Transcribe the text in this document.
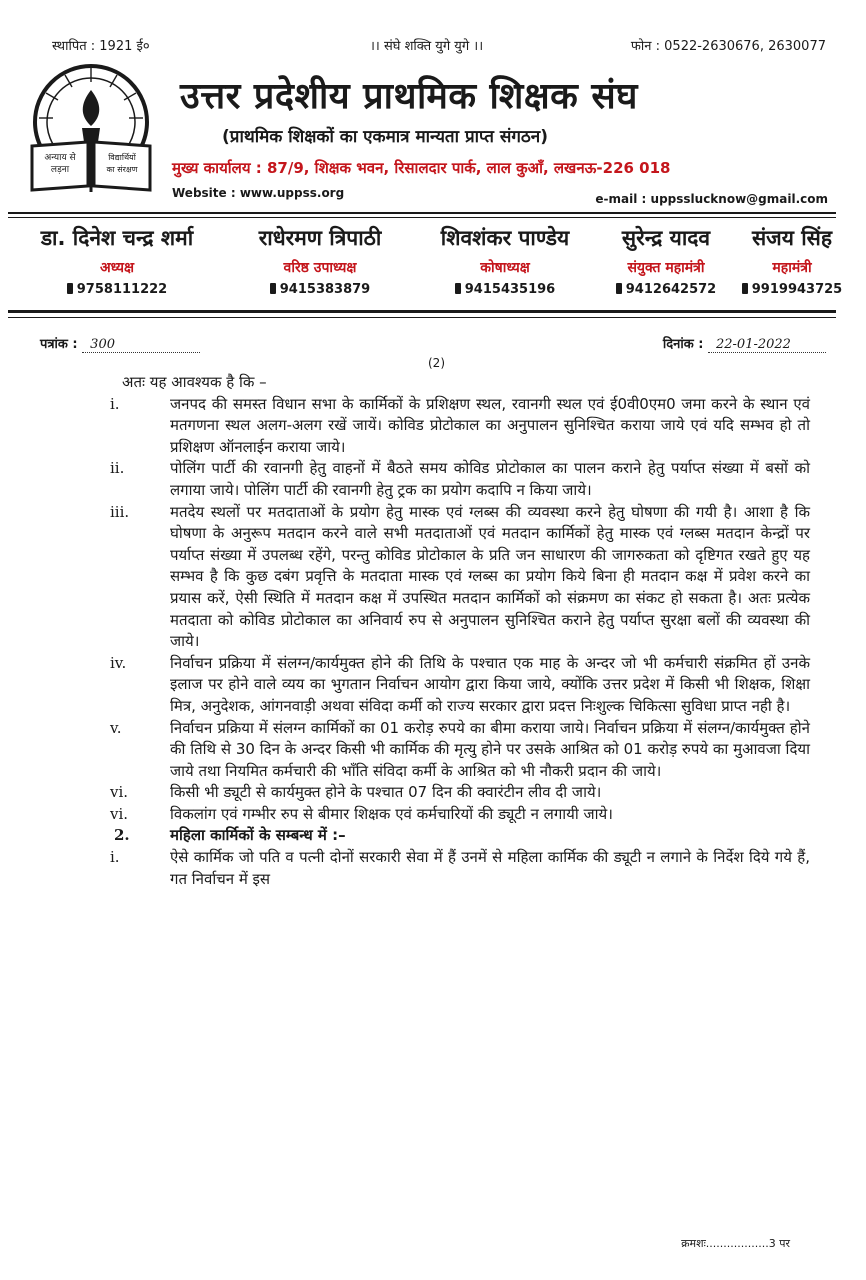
स्थापित : 1921 ई०	।। संघे शक्ति युगे युगे ।।	फोन : 0522-2630676, 2630077
अन्याय से
लड़ना
विद्यार्थियों
का संरक्षण
उत्तर प्रदेशीय प्राथमिक शिक्षक संघ
(प्राथमिक शिक्षकों का एकमात्र मान्यता प्राप्त संगठन)
मुख्य कार्यालय : 87/9, शिक्षक भवन, रिसालदार पार्क, लाल कुआँ, लखनऊ-226 018
Website : www.uppss.org	e-mail : uppsslucknow@gmail.com
डा. दिनेश चन्द्र शर्मा
अध्यक्ष
9758111222
राधेरमण त्रिपाठी
वरिष्ठ उपाध्यक्ष
9415383879
शिवशंकर पाण्डेय
कोषाध्यक्ष
9415435196
सुरेन्द्र यादव
संयुक्त महामंत्री
9412642572
संजय सिंह
महामंत्री
9919943725
पत्रांक : 300	दिनांक : 22-01-2022
(2)
अतः यह आवश्यक है कि –
i.	जनपद की समस्त विधान सभा के कार्मिकों के प्रशिक्षण स्थल, रवानगी स्थल एवं ई0वी0एम0 जमा करने के स्थान एवं मतगणना स्थल अलग-अलग रखें जायें। कोविड प्रोटोकाल का अनुपालन सुनिश्चित कराया जाये एवं यदि सम्भव हो तो प्रशिक्षण ऑनलाईन कराया जाये।
ii.	पोलिंग पार्टी की रवानगी हेतु वाहनों में बैठते समय कोविड प्रोटोकाल का पालन कराने हेतु पर्याप्त संख्या में बसों को लगाया जाये। पोलिंग पार्टी की रवानगी हेतु ट्रक का प्रयोग कदापि न किया जाये।
iii.	मतदेय स्थलों पर मतदाताओं के प्रयोग हेतु मास्क एवं ग्लब्स की व्यवस्था करने हेतु घोषणा की गयी है। आशा है कि घोषणा के अनुरूप मतदान करने वाले सभी मतदाताओं एवं मतदान कार्मिकों हेतु मास्क एवं ग्लब्स मतदान केन्द्रों पर पर्याप्त संख्या में उपलब्ध रहेंगे, परन्तु कोविड प्रोटोकाल के प्रति जन साधारण की जागरुकता को दृष्टिगत रखते हुए यह सम्भव है कि कुछ दबंग प्रवृत्ति के मतदाता मास्क एवं ग्लब्स का प्रयोग किये बिना ही मतदान कक्ष में प्रवेश करने का प्रयास करें, ऐसी स्थिति में मतदान कक्ष में उपस्थित मतदान कार्मिकों को संक्रमण का संकट हो सकता है। अतः प्रत्येक मतदाता को कोविड प्रोटोकाल का अनिवार्य रुप से अनुपालन सुनिश्चित कराने हेतु पर्याप्त सुरक्षा बलों की व्यवस्था की जाये।
iv.	निर्वाचन प्रक्रिया में संलग्न/कार्यमुक्त होने की तिथि के पश्चात एक माह के अन्दर जो भी कर्मचारी संक्रमित हों उनके इलाज पर होने वाले व्यय का भुगतान निर्वाचन आयोग द्वारा किया जाये, क्योंकि उत्तर प्रदेश में किसी भी शिक्षक, शिक्षा मित्र, अनुदेशक, आंगनवाड़ी अथवा संविदा कर्मी को राज्य सरकार द्वारा प्रदत्त निःशुल्क चिकित्सा सुविधा प्राप्त नही है।
v.	निर्वाचन प्रक्रिया में संलग्न कार्मिकों का 01 करोड़ रुपये का बीमा कराया जाये। निर्वाचन प्रक्रिया में संलग्न/कार्यमुक्त होने की तिथि से 30 दिन के अन्दर किसी भी कार्मिक की मृत्यु होने पर उसके आश्रित को 01 करोड़ रुपये का मुआवजा दिया जाये तथा नियमित कर्मचारी की भाँति संविदा कर्मी के आश्रित को भी नौकरी प्रदान की जाये।
vi.	किसी भी ड्यूटी से कार्यमुक्त होने के पश्चात 07 दिन की क्वारंटीन लीव दी जाये।
vi.	विकलांग एवं गम्भीर रुप से बीमार शिक्षक एवं कर्मचारियों की ड्यूटी न लगायी जाये।
2.	महिला कार्मिकों के सम्बन्ध में :–
i.	ऐसे कार्मिक जो पति व पत्नी दोनों सरकारी सेवा में हैं उनमें से महिला कार्मिक की ड्यूटी न लगाने के निर्देश दिये गये हैं, गत निर्वाचन में इस
क्रमशः..................3 पर
